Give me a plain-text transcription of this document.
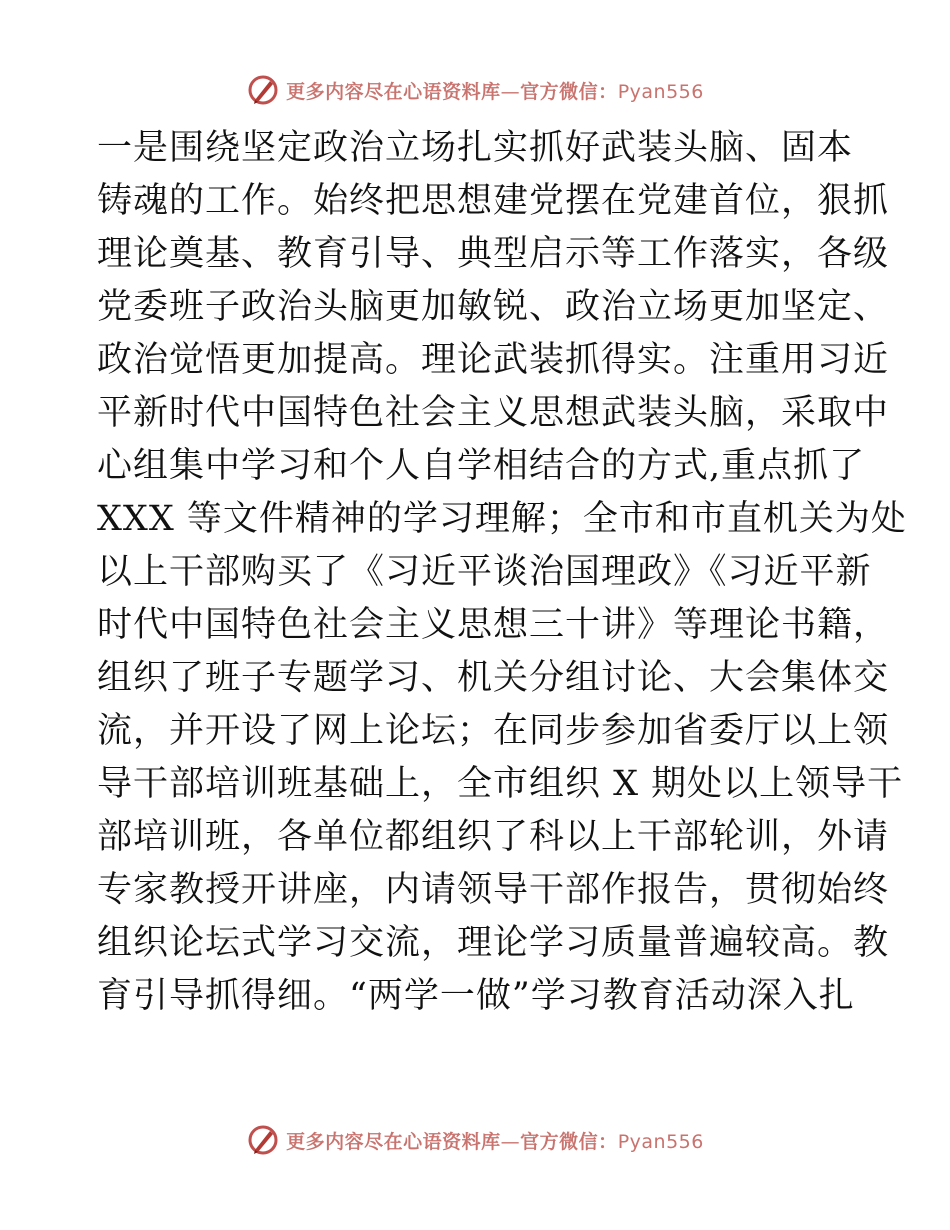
更多内容尽在心语资料库—官方微信：Pyan556
一是围绕坚定政治立场扎实抓好武装头脑、固本
铸魂的工作。始终把思想建党摆在党建首位，狠抓
理论奠基、教育引导、典型启示等工作落实，各级
党委班子政治头脑更加敏锐、政治立场更加坚定、
政治觉悟更加提高。理论武装抓得实。注重用习近
平新时代中国特色社会主义思想武装头脑，采取中
心组集中学习和个人自学相结合的方式,重点抓了
XXX 等文件精神的学习理解；全市和市直机关为处
以上干部购买了《习近平谈治国理政》《习近平新
时代中国特色社会主义思想三十讲》等理论书籍，
组织了班子专题学习、机关分组讨论、大会集体交
流，并开设了网上论坛；在同步参加省委厅以上领
导干部培训班基础上，全市组织 X 期处以上领导干
部培训班，各单位都组织了科以上干部轮训，外请
专家教授开讲座，内请领导干部作报告，贯彻始终
组织论坛式学习交流，理论学习质量普遍较高。教
育引导抓得细。“两学一做”学习教育活动深入扎
更多内容尽在心语资料库—官方微信：Pyan556
